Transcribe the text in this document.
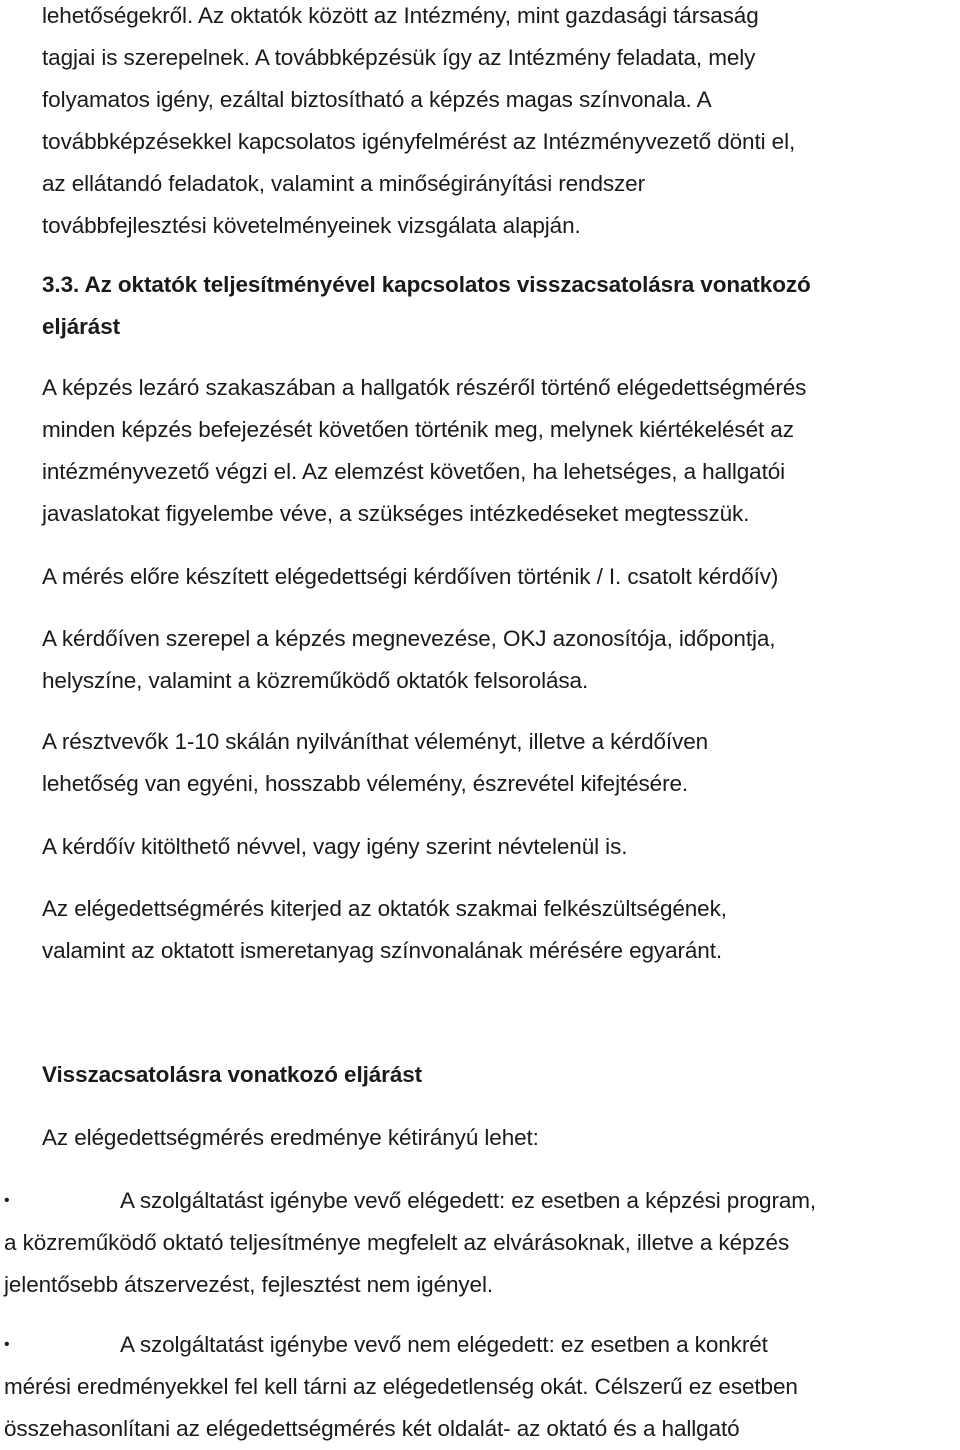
lehetőségekről. Az oktatók között az Intézmény, mint gazdasági társaság
tagjai is szerepelnek. A továbbképzésük így az Intézmény feladata, mely
folyamatos igény, ezáltal biztosítható a képzés magas színvonala. A
továbbképzésekkel kapcsolatos igényfelmérést az Intézményvezető dönti el,
az ellátandó feladatok, valamint a minőségirányítási rendszer
továbbfejlesztési követelményeinek vizsgálata alapján.
3.3. Az oktatók teljesítményével kapcsolatos visszacsatolásra vonatkozó
eljárást
A képzés lezáró szakaszában a hallgatók részéről történő elégedettségmérés
minden képzés befejezését követően történik meg, melynek kiértékelését az
intézményvezető végzi el. Az elemzést követően, ha lehetséges, a hallgatói
javaslatokat figyelembe véve, a szükséges intézkedéseket megtesszük.
A mérés előre készített elégedettségi kérdőíven történik / I. csatolt kérdőív)
A kérdőíven szerepel a képzés megnevezése, OKJ azonosítója, időpontja,
helyszíne, valamint a közreműködő oktatók felsorolása.
A résztvevők 1-10 skálán nyilváníthat véleményt, illetve a kérdőíven
lehetőség van egyéni, hosszabb vélemény, észrevétel kifejtésére.
A kérdőív kitölthető névvel, vagy igény szerint névtelenül is.
Az elégedettségmérés kiterjed az oktatók szakmai felkészültségének,
valamint az oktatott ismeretanyag színvonalának mérésére egyaránt.
Visszacsatolásra vonatkozó eljárást
Az elégedettségmérés eredménye kétirányú lehet:
•	A szolgáltatást igénybe vevő elégedett: ez esetben a képzési program,
a közreműködő oktató teljesítménye megfelelt az elvárásoknak, illetve a képzés
jelentősebb átszervezést, fejlesztést nem igényel.
•	A szolgáltatást igénybe vevő nem elégedett: ez esetben a konkrét
mérési eredményekkel fel kell tárni az elégedetlenség okát. Célszerű ez esetben
összehasonlítani az elégedettségmérés két oldalát- az oktató és a hallgató
